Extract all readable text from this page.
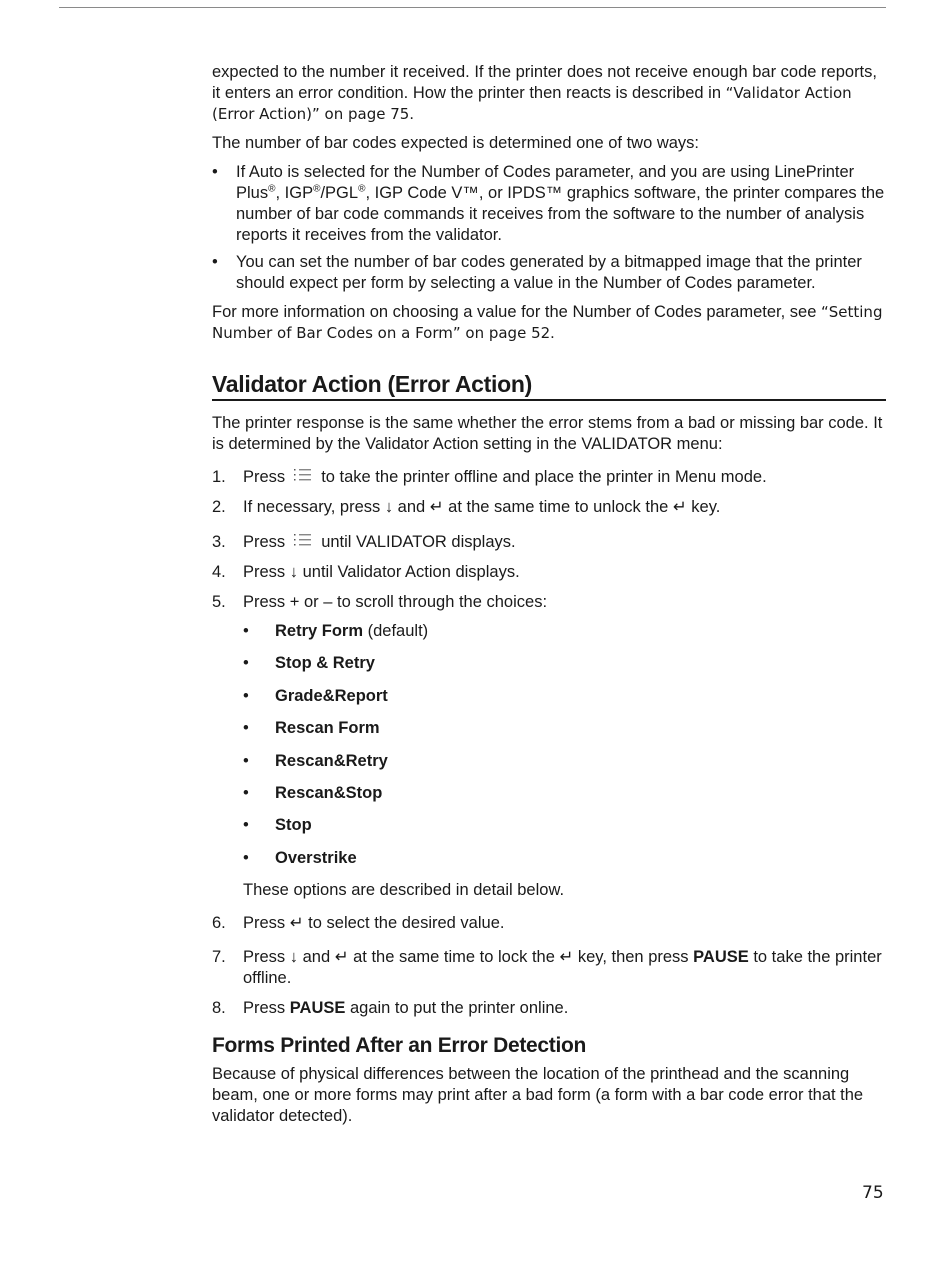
expected to the number it received. If the printer does not receive enough bar code reports, it enters an error condition. How the printer then reacts is described in “Validator Action (Error Action)” on page 75.

The number of bar codes expected is determined one of two ways:

• If Auto is selected for the Number of Codes parameter, and you are using LinePrinter Plus®, IGP®/PGL®, IGP Code V™, or IPDS™ graphics software, the printer compares the number of bar code commands it receives from the software to the number of analysis reports it receives from the validator.
• You can set the number of bar codes generated by a bitmapped image that the printer should expect per form by selecting a value in the Number of Codes parameter.

For more information on choosing a value for the Number of Codes parameter, see “Setting Number of Bar Codes on a Form” on page 52.

Validator Action (Error Action)

The printer response is the same whether the error stems from a bad or missing bar code. It is determined by the Validator Action setting in the VALIDATOR menu:

1. Press to take the printer offline and place the printer in Menu mode.
2. If necessary, press ↓ and ↵ at the same time to unlock the ↵ key.
3. Press until VALIDATOR displays.
4. Press ↓ until Validator Action displays.
5. Press + or – to scroll through the choices:
• Retry Form (default)
• Stop & Retry
• Grade&Report
• Rescan Form
• Rescan&Retry
• Rescan&Stop
• Stop
• Overstrike
These options are described in detail below.
6. Press ↵ to select the desired value.
7. Press ↓ and ↵ at the same time to lock the ↵ key, then press PAUSE to take the printer offline.
8. Press PAUSE again to put the printer online.
Forms Printed After an Error Detection

Because of physical differences between the location of the printhead and the scanning beam, one or more forms may print after a bad form (a form with a bar code error that the validator detected).

75
